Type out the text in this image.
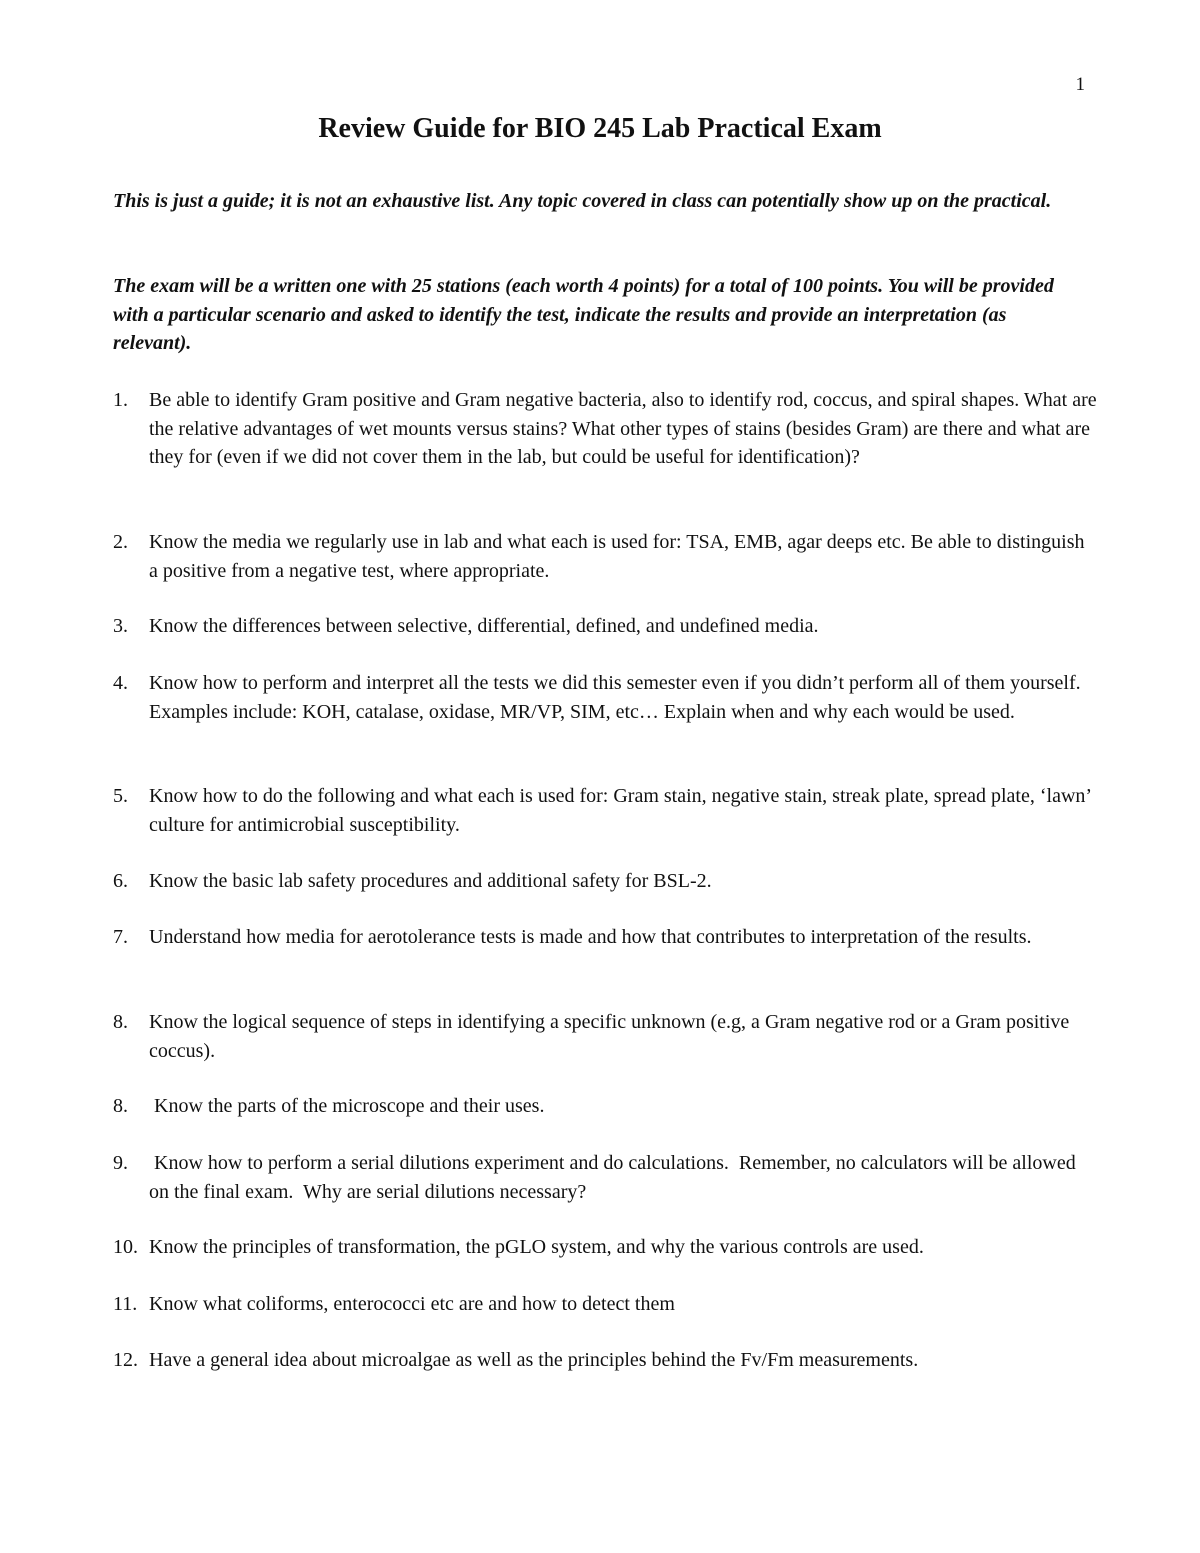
1
Review Guide for BIO 245 Lab Practical Exam

This is just a guide; it is not an exhaustive list. Any topic covered in class can potentially show up on the practical.

The exam will be a written one with 25 stations (each worth 4 points) for a total of 100 points. You will be provided with a particular scenario and asked to identify the test, indicate the results and provide an interpretation (as relevant).

1.	Be able to identify Gram positive and Gram negative bacteria, also to identify rod, coccus, and spiral shapes. What are the relative advantages of wet mounts versus stains? What other types of stains (besides Gram) are there and what are they for (even if we did not cover them in the lab, but could be useful for identification)?
2.	Know the media we regularly use in lab and what each is used for: TSA, EMB, agar deeps etc. Be able to distinguish a positive from a negative test, where appropriate.
3.	Know the differences between selective, differential, defined, and undefined media.
4.	Know how to perform and interpret all the tests we did this semester even if you didn’t perform all of them yourself. Examples include: KOH, catalase, oxidase, MR/VP, SIM, etc… Explain when and why each would be used.
5.	Know how to do the following and what each is used for: Gram stain, negative stain, streak plate, spread plate, ‘lawn’ culture for antimicrobial susceptibility.
6.	Know the basic lab safety procedures and additional safety for BSL-2.
7.	Understand how media for aerotolerance tests is made and how that contributes to interpretation of the results.
8.	Know the logical sequence of steps in identifying a specific unknown (e.g, a Gram negative rod or a Gram positive coccus).
8.	Know the parts of the microscope and their uses.
9.	Know how to perform a serial dilutions experiment and do calculations.  Remember, no calculators will be allowed on the final exam.  Why are serial dilutions necessary?
10. Know the principles of transformation, the pGLO system, and why the various controls are used.
11. Know what coliforms, enterococci etc are and how to detect them
12. Have a general idea about microalgae as well as the principles behind the Fv/Fm measurements.
